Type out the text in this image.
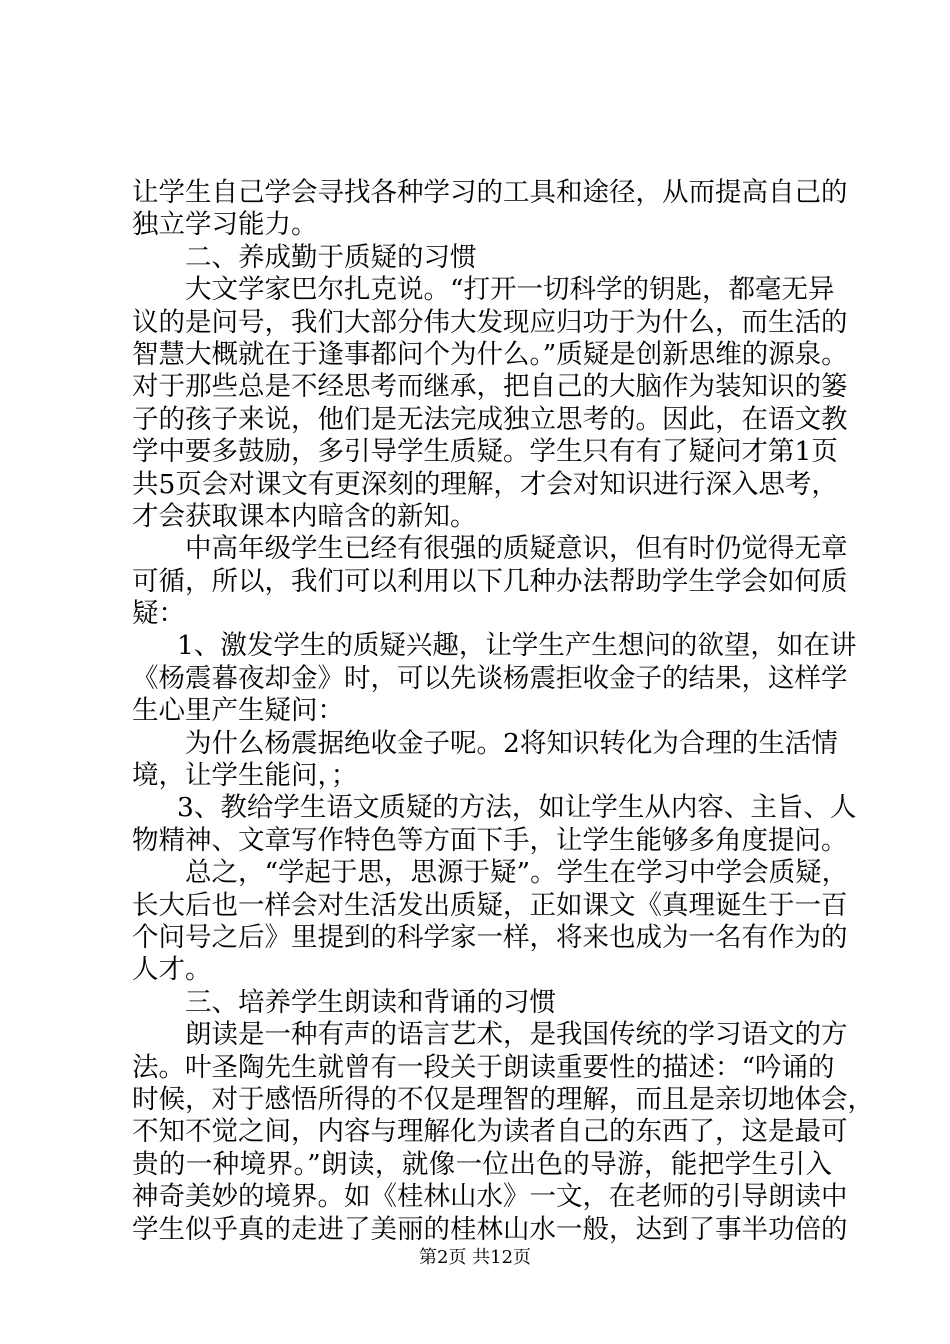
让学生自己学会寻找各种学习的工具和途径，从而提高自己的
独立学习能力。
二、养成勤于质疑的习惯
大文学家巴尔扎克说。“打开一切科学的钥匙，都毫无异
议的是问号，我们大部分伟大发现应归功于为什么，而生活的
智慧大概就在于逢事都问个为什么。”质疑是创新思维的源泉。
对于那些总是不经思考而继承，把自己的大脑作为装知识的篓
子的孩子来说，他们是无法完成独立思考的。因此，在语文教
学中要多鼓励，多引导学生质疑。学生只有有了疑问才第1页
共5页会对课文有更深刻的理解，才会对知识进行深入思考，
才会获取课本内暗含的新知。
中高年级学生已经有很强的质疑意识，但有时仍觉得无章
可循，所以，我们可以利用以下几种办法帮助学生学会如何质
疑：
1、激发学生的质疑兴趣，让学生产生想问的欲望，如在讲
《杨震暮夜却金》时，可以先谈杨震拒收金子的结果，这样学
生心里产生疑问：
为什么杨震据绝收金子呢。2将知识转化为合理的生活情
境，让学生能问，；
3、教给学生语文质疑的方法，如让学生从内容、主旨、人
物精神、文章写作特色等方面下手，让学生能够多角度提问。
总之，“学起于思，思源于疑”。学生在学习中学会质疑，
长大后也一样会对生活发出质疑，正如课文《真理诞生于一百
个问号之后》里提到的科学家一样，将来也成为一名有作为的
人才。
三、培养学生朗读和背诵的习惯
朗读是一种有声的语言艺术，是我国传统的学习语文的方
法。叶圣陶先生就曾有一段关于朗读重要性的描述：“吟诵的
时候，对于感悟所得的不仅是理智的理解，而且是亲切地体会，
不知不觉之间，内容与理解化为读者自己的东西了，这是最可
贵的一种境界。”朗读，就像一位出色的导游，能把学生引入
神奇美妙的境界。如《桂林山水》一文，在老师的引导朗读中
学生似乎真的走进了美丽的桂林山水一般，达到了事半功倍的
第2页 共12页
